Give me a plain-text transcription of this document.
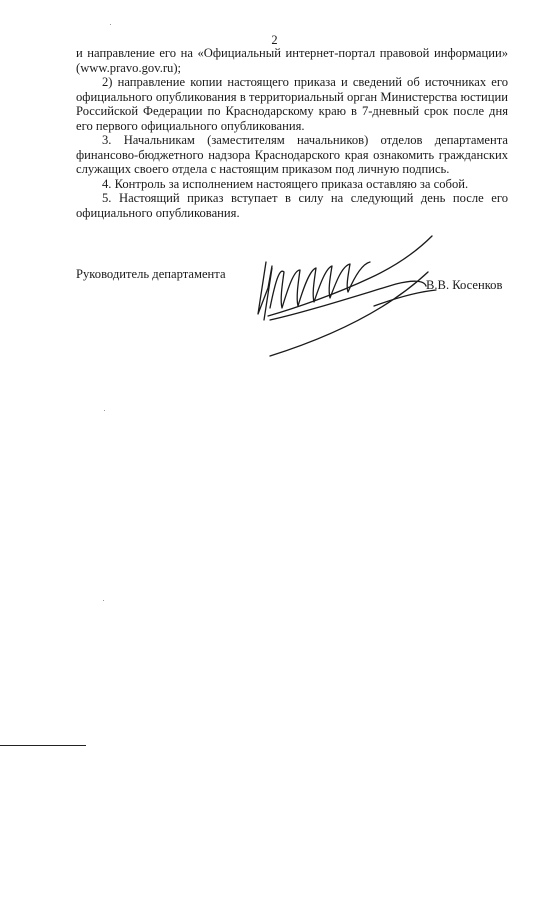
2

и направление его на «Официальный интернет-портал правовой информации» (www.pravo.gov.ru);

2) направление копии настоящего приказа и сведений об источниках его официального опубликования в территориальный орган Министерства юстиции Российской Федерации по Краснодарскому краю в 7-дневный срок после дня его первого официального опубликования.

3. Начальникам (заместителям начальников) отделов департамента финансово-бюджетного надзора Краснодарского края ознакомить гражданских служащих своего отдела с настоящим приказом под личную подпись.

4. Контроль за исполнением настоящего приказа оставляю за собой.

5. Настоящий приказ вступает в силу на следующий день после его официального опубликования.

Руководитель департамента
В.В. Косенков
